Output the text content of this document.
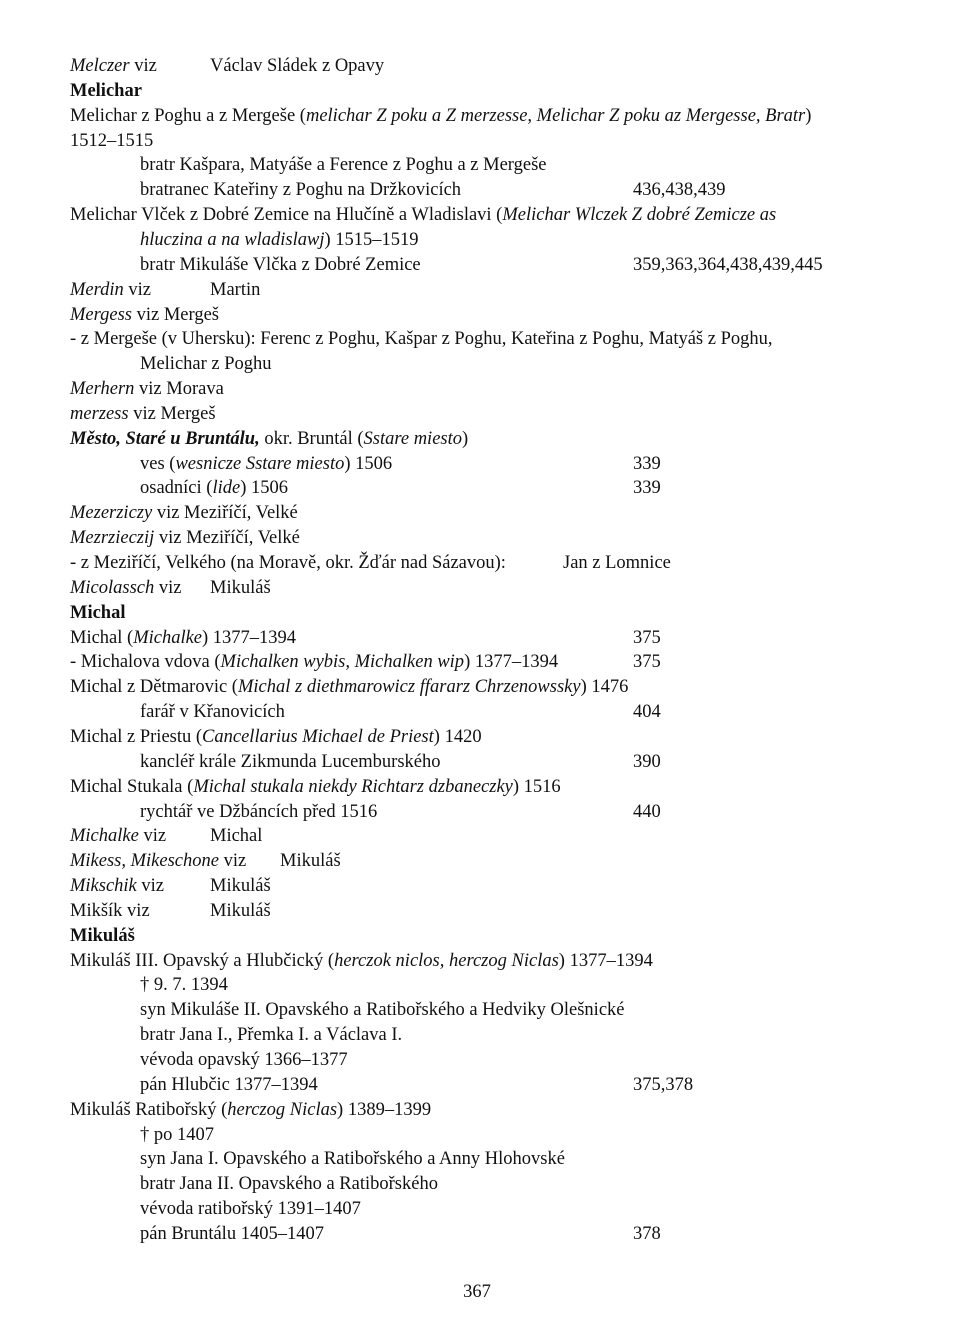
Melczer viz	Václav Sládek z Opavy
Melichar
Melichar z Poghu a z Mergeše (melichar Z poku a Z merzesse, Melichar Z poku az Mergesse, Bratr)
1512–1515
bratr Kašpara, Matyáše a Ference z Poghu a z Mergeše
bratranec Kateřiny z Poghu na Držkovicích	436,438,439
Melichar Vlček z Dobré Zemice na Hlučíně a Wladislavi (Melichar Wlczek Z dobré Zemicze as
hluczina a na wladislawj) 1515–1519
bratr Mikuláše Vlčka z Dobré Zemice	359,363,364,438,439,445
Merdin viz	Martin
Mergess viz Mergeš
- z Mergeše (v Uhersku): Ferenc z Poghu, Kašpar z Poghu, Kateřina z Poghu, Matyáš z Poghu,
Melichar z Poghu
Merhern viz Morava
merzess viz Mergeš
Město, Staré u Bruntálu, okr. Bruntál (Sstare miesto)
ves (wesnicze Sstare miesto) 1506	339
osadníci (lide) 1506	339
Mezerziczy viz Meziříčí, Velké
Mezrzieczij viz Meziříčí, Velké
- z Meziříčí, Velkého (na Moravě, okr. Žďár nad Sázavou):	Jan z Lomnice
Micolassch viz Mikuláš
Michal
Michal (Michalke) 1377–1394	375
- Michalova vdova (Michalken wybis, Michalken wip) 1377–1394	375
Michal z Dětmarovic (Michal z diethmarowicz ffararz Chrzenowssky) 1476
farář v Křanovicích	404
Michal z Priestu (Cancellarius Michael de Priest) 1420
kancléř krále Zikmunda Lucemburského	390
Michal Stukala (Michal stukala niekdy Richtarz dzbaneczky) 1516
rychtář ve Džbáncích před 1516	440
Michalke viz Michal
Mikess, Mikeschone viz Mikuláš
Mikschik viz Mikuláš
Mikšík viz	Mikuláš
Mikuláš
Mikuláš III. Opavský a Hlubčický (herczok niclos, herczog Niclas) 1377–1394
† 9. 7. 1394
syn Mikuláše II. Opavského a Ratibořského a Hedviky Olešnické
bratr Jana I., Přemka I. a Václava I.
vévoda opavský 1366–1377
pán Hlubčic 1377–1394	375,378
Mikuláš Ratibořský (herczog Niclas) 1389–1399
† po 1407
syn Jana I. Opavského a Ratibořského a Anny Hlohovské
bratr Jana II. Opavského a Ratibořského
vévoda ratibořský 1391–1407
pán Bruntálu 1405–1407	378
367
